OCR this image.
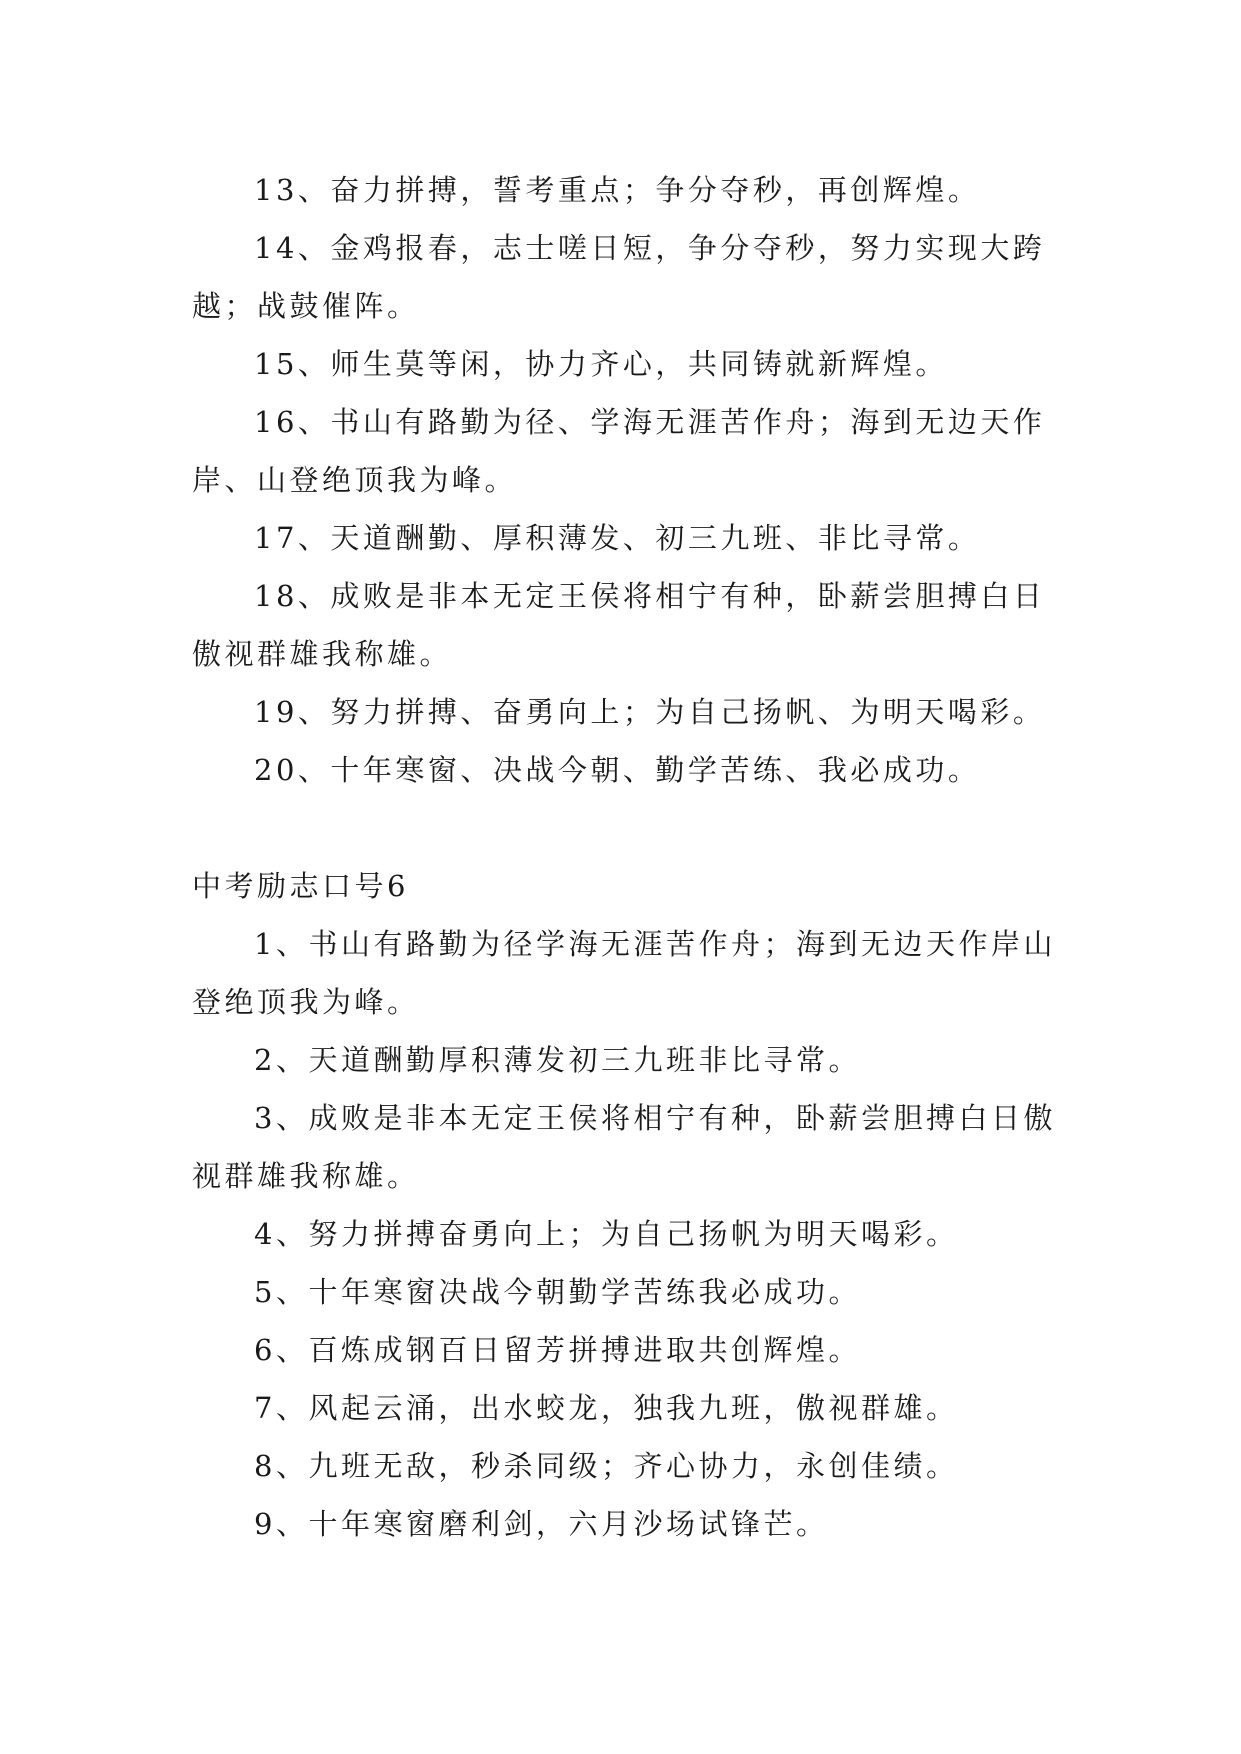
13、奋力拼搏，誓考重点；争分夺秒，再创辉煌。

14、金鸡报春，志士嗟日短，争分夺秒，努力实现大跨越；战鼓催阵。

15、师生莫等闲，协力齐心，共同铸就新辉煌。

16、书山有路勤为径、学海无涯苦作舟；海到无边天作岸、山登绝顶我为峰。

17、天道酬勤、厚积薄发、初三九班、非比寻常。

18、成败是非本无定王侯将相宁有种，卧薪尝胆搏白日傲视群雄我称雄。

19、努力拼搏、奋勇向上；为自己扬帆、为明天喝彩。

20、十年寒窗、决战今朝、勤学苦练、我必成功。

中考励志口号6

1、书山有路勤为径学海无涯苦作舟；海到无边天作岸山登绝顶我为峰。

2、天道酬勤厚积薄发初三九班非比寻常。

3、成败是非本无定王侯将相宁有种，卧薪尝胆搏白日傲视群雄我称雄。

4、努力拼搏奋勇向上；为自己扬帆为明天喝彩。

5、十年寒窗决战今朝勤学苦练我必成功。

6、百炼成钢百日留芳拼搏进取共创辉煌。

7、风起云涌，出水蛟龙，独我九班，傲视群雄。

8、九班无敌，秒杀同级；齐心协力，永创佳绩。

9、十年寒窗磨利剑，六月沙场试锋芒。
